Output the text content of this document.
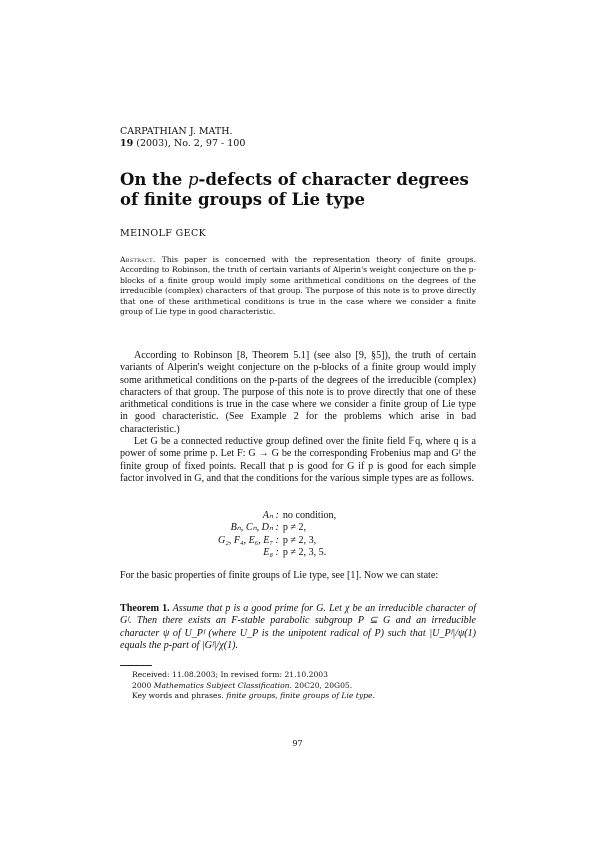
CARPATHIAN J. MATH.
19 (2003), No. 2, 97 - 100
On the p-defects of character degrees of finite groups of Lie type
MEINOLF GECK

Abstract. This paper is concerned with the representation theory of finite groups. According to Robinson, the truth of certain variants of Alperin's weight conjecture on the p-blocks of a finite group would imply some arithmetical conditions on the degrees of the irreducible (complex) characters of that group. The purpose of this note is to prove directly that one of these arithmetical conditions is true in the case where we consider a finite group of Lie type in good characteristic.

According to Robinson [8, Theorem 5.1] (see also [9, §5]), the truth of certain variants of Alperin's weight conjecture on the p-blocks of a finite group would imply some arithmetical conditions on the p-parts of the degrees of the irreducible (complex) characters of that group. The purpose of this note is to prove directly that one of these arithmetical conditions is true in the case where we consider a finite group of Lie type in good characteristic. (See Example 2 for the problems which arise in bad characteristic.)

Let G be a connected reductive group defined over the finite field 𝔽q, where q is a power of some prime p. Let F: G → G be the corresponding Frobenius map and Gᶠ the finite group of fixed points. Recall that p is good for G if p is good for each simple factor involved in G, and that the conditions for the various simple types are as follows.

Aₙ :	no condition,
Bₙ, Cₙ, Dₙ :	p ≠ 2,
G₂, F₄, E₆, E₇ :	p ≠ 2, 3,
E₈ :	p ≠ 2, 3, 5.

For the basic properties of finite groups of Lie type, see [1]. Now we can state:

Theorem 1. Assume that p is a good prime for G. Let χ be an irreducible character of Gᶠ. Then there exists an F-stable parabolic subgroup P ⊆ G and an irreducible character ψ of U_Pᶠ (where U_P is the unipotent radical of P) such that |U_Pᶠ|/ψ(1) equals the p-part of |Gᶠ|/χ(1).

Received: 11.08.2003; In revised form: 21.10.2003
2000 Mathematics Subject Classification. 20C20, 20G05.
Key words and phrases. finite groups, finite groups of Lie type.
97
